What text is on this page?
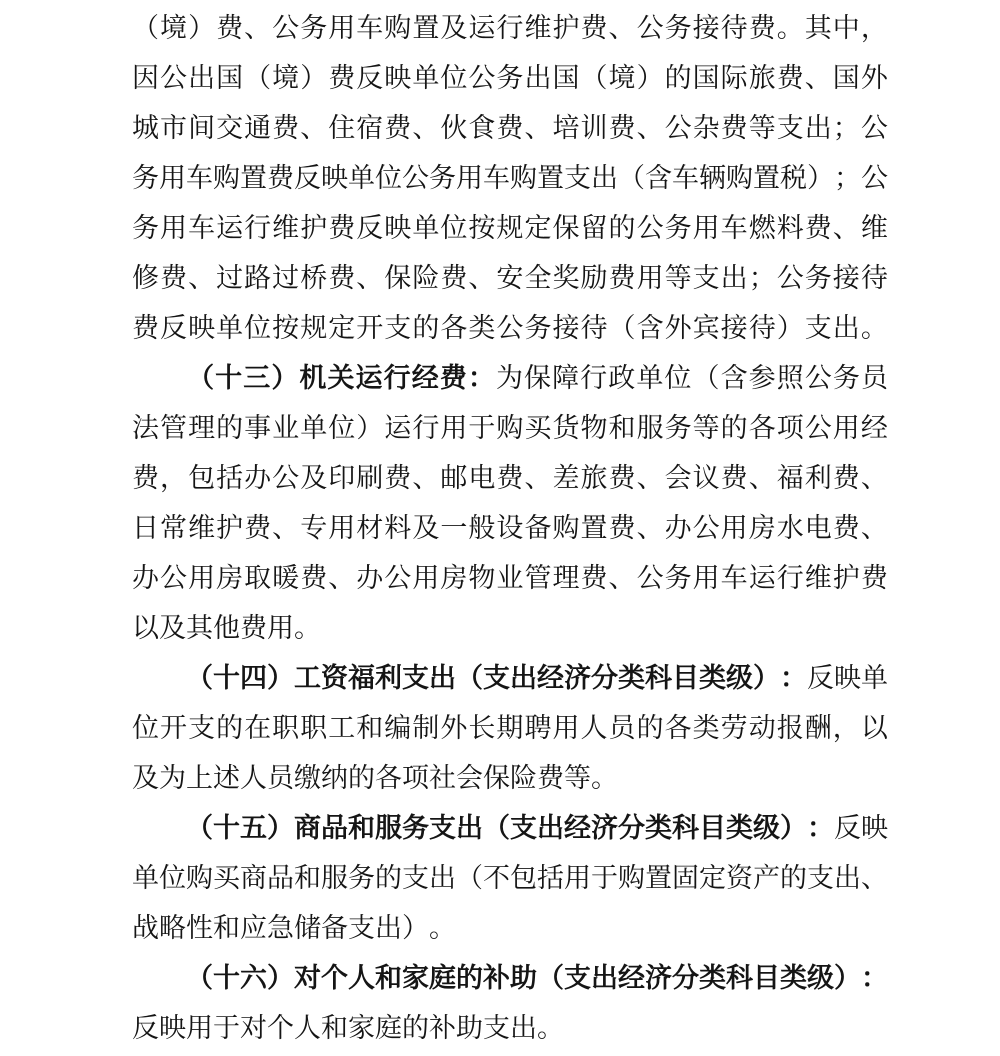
（ 境 ） 费 、 公 务 用 车 购 置 及 运 行 维 护 费 、 公 务 接 待 费 。 其 中 ，
因 公 出 国 （ 境 ） 费 反 映 单 位 公 务 出 国 （ 境 ） 的 国 际 旅 费 、 国 外
城 市 间 交 通 费 、 住 宿 费 、 伙 食 费 、 培 训 费 、 公 杂 费 等 支 出 ； 公
务 用 车 购 置 费 反 映 单 位 公 务 用 车 购 置 支 出 （ 含 车 辆 购 置 税 ） ； 公
务 用 车 运 行 维 护 费 反 映 单 位 按 规 定 保 留 的 公 务 用 车 燃 料 费 、 维
修 费 、 过 路 过 桥 费 、 保 险 费 、 安 全 奖 励 费 用 等 支 出 ； 公 务 接 待
费 反 映 单 位 按 规 定 开 支 的 各 类 公 务 接 待 （ 含 外 宾 接 待 ） 支 出 。
（ 十 三 ） 机 关 运 行 经 费 ： 为 保 障 行 政 单 位 （ 含 参 照 公 务 员
法 管 理 的 事 业 单 位 ） 运 行 用 于 购 买 货 物 和 服 务 等 的 各 项 公 用 经
费 ， 包 括 办 公 及 印 刷 费 、 邮 电 费 、 差 旅 费 、 会 议 费 、 福 利 费 、
日 常 维 护 费 、 专 用 材 料 及 一 般 设 备 购 置 费 、 办 公 用 房 水 电 费 、
办 公 用 房 取 暖 费 、 办 公 用 房 物 业 管 理 费 、 公 务 用 车 运 行 维 护 费
以 及 其 他 费 用 。
（ 十 四 ） 工 资 福 利 支 出 （ 支 出 经 济 分 类 科 目 类 级 ） ： 反 映 单
位 开 支 的 在 职 职 工 和 编 制 外 长 期 聘 用 人 员 的 各 类 劳 动 报 酬 ， 以
及 为 上 述 人 员 缴 纳 的 各 项 社 会 保 险 费 等 。
（ 十 五 ） 商 品 和 服 务 支 出 （ 支 出 经 济 分 类 科 目 类 级 ） ： 反 映
单 位 购 买 商 品 和 服 务 的 支 出 （ 不 包 括 用 于 购 置 固 定 资 产 的 支 出 、
战 略 性 和 应 急 储 备 支 出 ） 。
（ 十 六 ） 对 个 人 和 家 庭 的 补 助 （ 支 出 经 济 分 类 科 目 类 级 ） ：
反 映 用 于 对 个 人 和 家 庭 的 补 助 支 出 。
